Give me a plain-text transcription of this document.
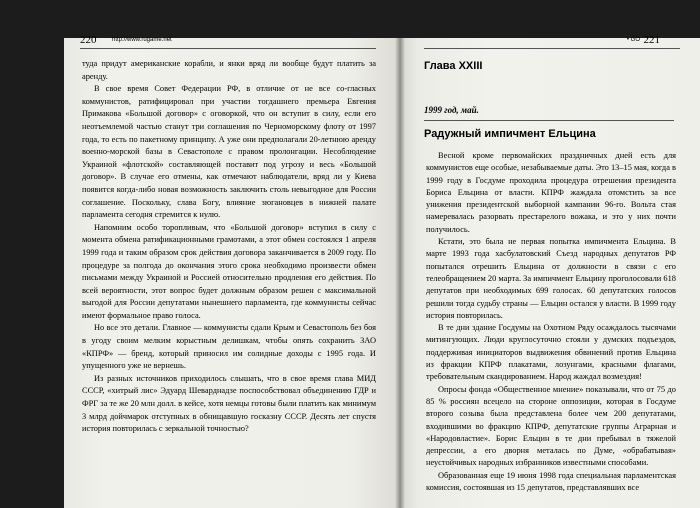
220	http://www.rugame.net

туда придут американские корабли, и янки вряд ли вообще будут платить за аренду.

В свое время Совет Федерации РФ, в отличие от не все со-гласных коммунистов, ратифицировал при участии тогдашнего премьера Евгения Примакова «Большой договор» с оговоркой, что он вступит в силу, если его неотъемлемой частью станут три соглашения по Черноморскому флоту от 1997 года, то есть по пакетному принципу. А уже они предполагали 20-летнюю аренду военно-морской базы в Севастополе с правом пролонгации. Несоблюдение Украиной «флотской» составляющей поставит под угрозу и весь «Большой договор». В случае его отмены, как отмечают наблюдатели, вряд ли у Киева появится когда-либо новая возможность заключить столь невыгодное для России соглашение. Поскольку, слава Богу, влияние зюгановцев в нижней палате парламента сегодня стремится к нулю.

Напомним особо торопливым, что «Большой договор» вступил в силу с момента обмена ратификационными грамотами, а этот обмен состоялся 1 апреля 1999 года и таким образом срок действия договора заканчивается в 2009 году. По процедуре за полгода до окончания этого срока необходимо произвести обмен письмами между Украиной и Россией относительно продления его действия. По всей вероятности, этот вопрос будет должным образом решен с максимальной выгодой для России депутатами нынешнего парламента, где коммунисты сейчас имеют формальное право голоса.

Но все это детали. Главное — коммунисты сдали Крым и Севастополь без боя в угоду своим мелким корыстным делишкам, чтобы опять сохранить ЗАО «КПРФ» — бренд, который приносил им солидные доходы с 1995 года. И упущенного уже не вернешь.

Из разных источников приходилось слышать, что в свое время глава МИД СССР, «хитрый лис» Эдуард Шеварднадзе поспособствовал объединению ГДР и ФРГ за те же 20 млн долл. в кейсе, хотя немцы готовы были платить как минимум 3 млрд дойчмарок отступных в обнищавшую госказну СССР. Десять лет спустя история повторилась с зеркальной точностью?

• GO 221
Глава XXIII
1999 год, май.
Радужный импичмент Ельцина

Весной кроме первомайских праздничных дней есть для коммунистов еще особые, незабываемые даты. Это 13–15 мая, когда в 1999 году в Госдуме проходила процедура отрешения президента Бориса Ельцина от власти. КПРФ жаждала отомстить за все унижения президентской выборной кампании 96-го. Вольта стая намеревалась разорвать престарелого вожака, и это у них почти получилось.

Кстати, это была не первая попытка импичмента Ельцина. В марте 1993 года хасбулатовский Съезд народных депутатов РФ попытался отрешить Ельцина от должности в связи с его телеобращением 20 марта. За импичмент Ельцину проголосовали 618 депутатов при необходимых 699 голосах. 60 депутатских голосов решили тогда судьбу страны — Ельцин остался у власти. В 1999 году история повторилась.

В те дни здание Госдумы на Охотном Ряду осаждалось тысячами митингующих. Люди круглосуточно стояли у думских подъездов, поддерживая инициаторов выдвижения обвинений против Ельцина из фракции КПРФ плакатами, лозунгами, красными флагами, требовательным скандированием. Народ жаждал возмездия!

Опросы фонда «Общественное мнение» показывали, что от 75 до 85 % россиян всецело на стороне оппозиции, которая в Госдуме второго созыва была представлена более чем 200 депутатами, входившими во фракцию КПРФ, депутатские группы Аграрная и «Народовластие». Борис Ельцин в те дни пребывал в тяжелой депрессии, а его дворня металась по Думе, «обрабатывая» неустойчивых народных избранников известными способами.

Образованная еще 19 июня 1998 года специальная парламентская комиссия, состоявшая из 15 депутатов, представлявших все
